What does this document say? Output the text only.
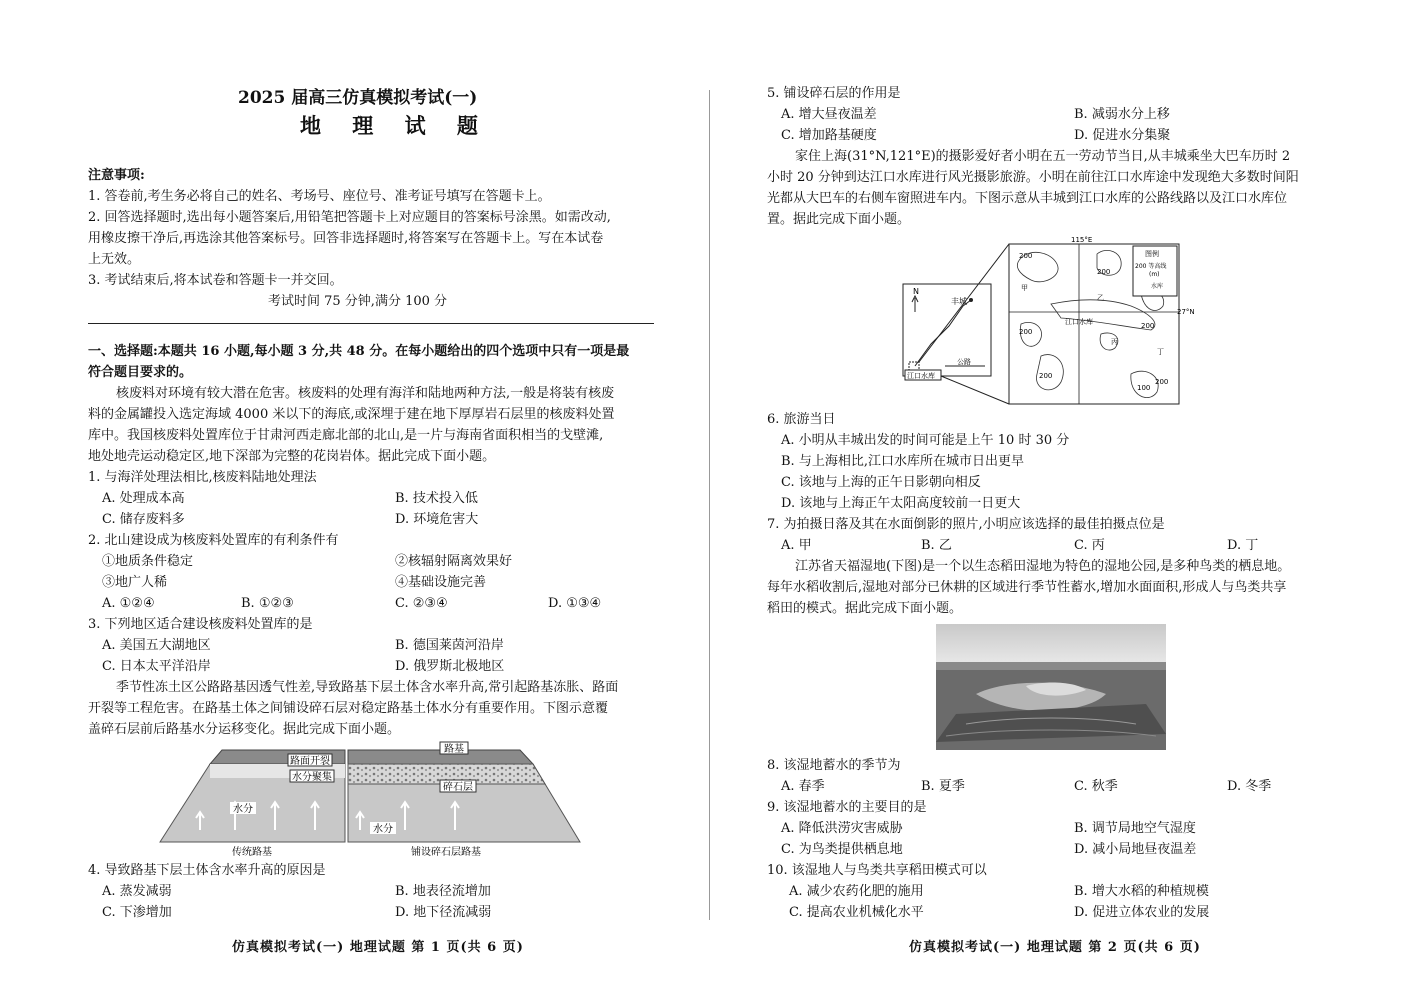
2025 届高三仿真模拟考试(一)
地 理 试 题
注意事项:
1. 答卷前,考生务必将自己的姓名、考场号、座位号、准考证号填写在答题卡上。
2. 回答选择题时,选出每小题答案后,用铅笔把答题卡上对应题目的答案标号涂黑。如需改动,
用橡皮擦干净后,再选涂其他答案标号。回答非选择题时,将答案写在答题卡上。写在本试卷
上无效。
3. 考试结束后,将本试卷和答题卡一并交回。
考试时间 75 分钟,满分 100 分
一、选择题:本题共 16 小题,每小题 3 分,共 48 分。在每小题给出的四个选项中只有一项是最
符合题目要求的。
核废料对环境有较大潜在危害。核废料的处理有海洋和陆地两种方法,一般是将装有核废
料的金属罐投入选定海域 4000 米以下的海底,或深埋于建在地下厚厚岩石层里的核废料处置
库中。我国核废料处置库位于甘肃河西走廊北部的北山,是一片与海南省面积相当的戈壁滩,
地处地壳运动稳定区,地下深部为完整的花岗岩体。据此完成下面小题。
1. 与海洋处理法相比,核废料陆地处理法
A. 处理成本高	B. 技术投入低
C. 储存废料多	D. 环境危害大
2. 北山建设成为核废料处置库的有利条件有
①地质条件稳定	②核辐射隔离效果好
③地广人稀	④基础设施完善
A. ①②④	B. ①②③	C. ②③④	D. ①③④
3. 下列地区适合建设核废料处置库的是
A. 美国五大湖地区	B. 德国莱茵河沿岸
C. 日本太平洋沿岸	D. 俄罗斯北极地区
季节性冻土区公路路基因透气性差,导致路基下层土体含水率升高,常引起路基冻胀、路面
开裂等工程危害。在路基土体之间铺设碎石层对稳定路基土体水分有重要作用。下图示意覆
盖碎石层前后路基水分运移变化。据此完成下面小题。
路面开裂
水分聚集
水分
路基
碎石层
水分
传统路基	铺设碎石层路基
4. 导致路基下层土体含水率升高的原因是
A. 蒸发减弱	B. 地表径流增加
C. 下渗增加	D. 地下径流减弱
仿真模拟考试(一) 地理试题 第 1 页(共 6 页)
5. 铺设碎石层的作用是
A. 增大昼夜温差	B. 减弱水分上移
C. 增加路基硬度	D. 促进水分集聚
家住上海(31°N,121°E)的摄影爱好者小明在五一劳动节当日,从丰城乘坐大巴车历时 2
小时 20 分钟到达江口水库进行风光摄影旅游。小明在前往江口水库途中发现绝大多数时间阳
光都从大巴车的右侧车窗照进车内。下图示意从丰城到江口水库的公路线路以及江口水库位
置。据此完成下面小题。
N
丰城
江口水库
公路
115°E
27°N
图例
200 等高线
(m)
水库
200
200
200
200
100
200
200
甲
乙
丙
丁
江口水库
6. 旅游当日
A. 小明从丰城出发的时间可能是上午 10 时 30 分
B. 与上海相比,江口水库所在城市日出更早
C. 该地与上海的正午日影朝向相反
D. 该地与上海正午太阳高度较前一日更大
7. 为拍摄日落及其在水面倒影的照片,小明应该选择的最佳拍摄点位是
A. 甲	B. 乙	C. 丙	D. 丁
江苏省天福湿地(下图)是一个以生态稻田湿地为特色的湿地公园,是多种鸟类的栖息地。
每年水稻收割后,湿地对部分已休耕的区域进行季节性蓄水,增加水面面积,形成人与鸟类共享
稻田的模式。据此完成下面小题。
8. 该湿地蓄水的季节为
A. 春季	B. 夏季	C. 秋季	D. 冬季
9. 该湿地蓄水的主要目的是
A. 降低洪涝灾害威胁	B. 调节局地空气湿度
C. 为鸟类提供栖息地	D. 减小局地昼夜温差
10. 该湿地人与鸟类共享稻田模式可以
A. 减少农药化肥的施用	B. 增大水稻的种植规模
C. 提高农业机械化水平	D. 促进立体农业的发展
仿真模拟考试(一) 地理试题 第 2 页(共 6 页)
